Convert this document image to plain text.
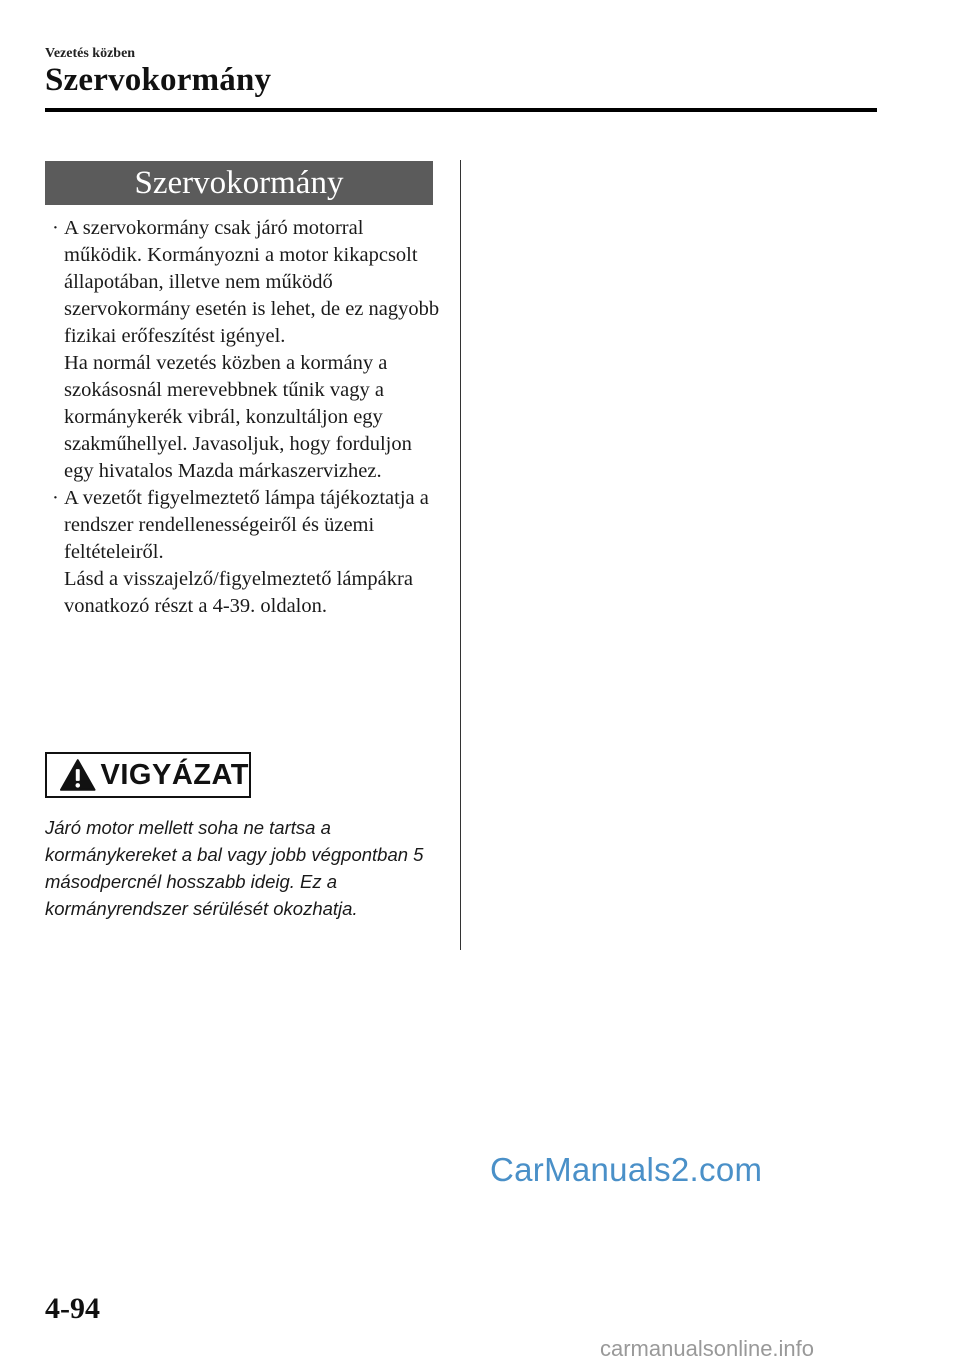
Vezetés közben
Szervokormány
Szervokormány
· A szervokormány csak járó motorral működik. Kormányozni a motor kikapcsolt állapotában, illetve nem működő szervokormány esetén is lehet, de ez nagyobb fizikai erőfeszítést igényel.

Ha normál vezetés közben a kormány a szokásosnál merevebbnek tűnik vagy a kormánykerék vibrál, konzultáljon egy szakműhellyel. Javasoljuk, hogy forduljon egy hivatalos Mazda márkaszervizhez.

· A vezetőt figyelmeztető lámpa tájékoztatja a rendszer rendellenességeiről és üzemi feltételeiről.

Lásd a visszajelző/figyelmeztető lámpákra vonatkozó részt a 4-39. oldalon.

VIGYÁZAT

Járó motor mellett soha ne tartsa a kormánykereket a bal vagy jobb végpontban 5 másodpercnél hosszabb ideig. Ez a kormányrendszer sérülését okozhatja.

CarManuals2.com
4-94
carmanualsonline.info
